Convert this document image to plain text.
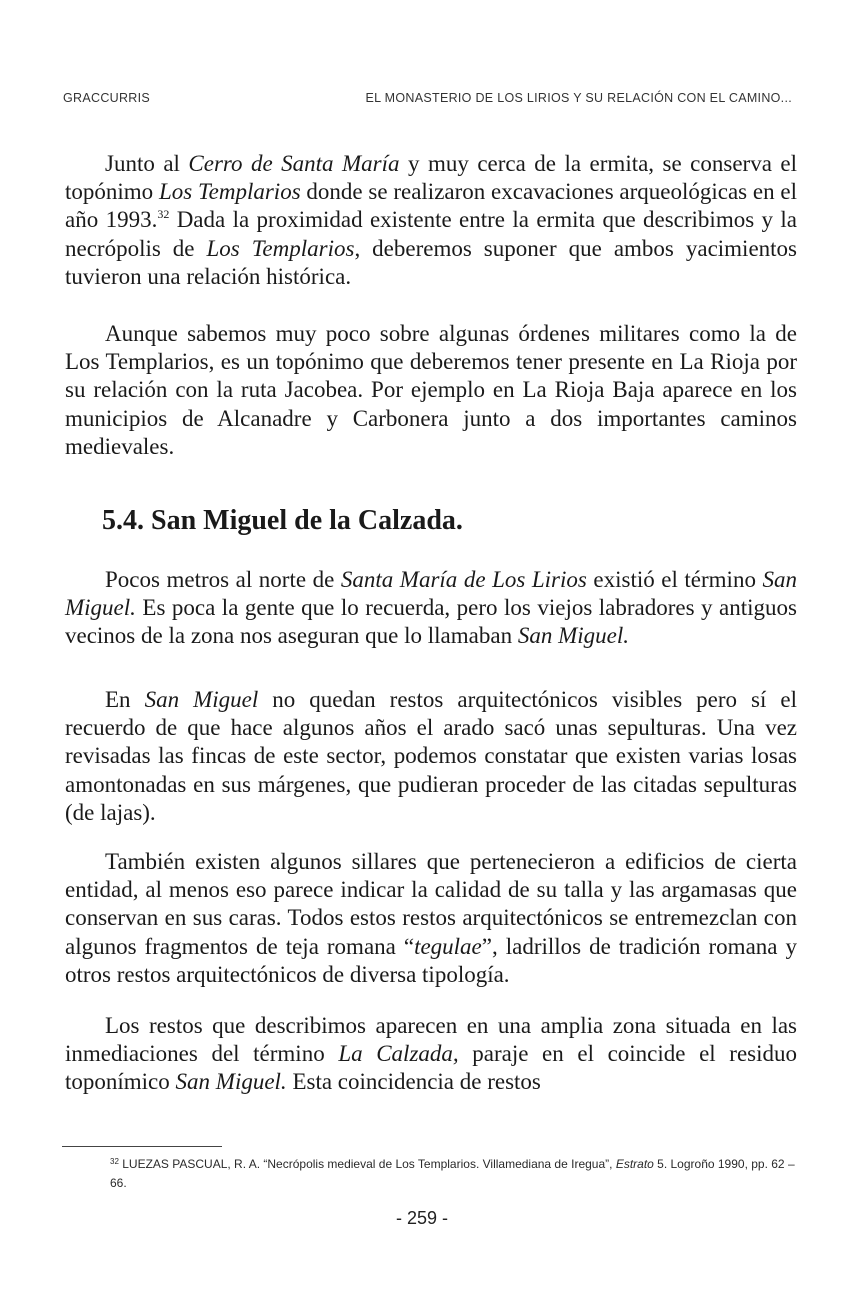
GRACCURRIS	EL MONASTERIO DE LOS LIRIOS Y SU RELACIÓN CON EL CAMINO...

Junto al Cerro de Santa María y muy cerca de la ermita, se conserva el topónimo Los Templarios donde se realizaron excavaciones arqueológicas en el año 1993.32 Dada la proximidad existente entre la ermita que describimos y la necrópolis de Los Templarios, deberemos suponer que ambos yacimientos tuvieron una relación histórica.

Aunque sabemos muy poco sobre algunas órdenes militares como la de Los Templarios, es un topónimo que deberemos tener presente en La Rioja por su relación con la ruta Jacobea. Por ejemplo en La Rioja Baja aparece en los municipios de Alcanadre y Carbonera junto a dos importantes caminos medievales.

5.4. San Miguel de la Calzada.

Pocos metros al norte de Santa María de Los Lirios existió el término San Miguel. Es poca la gente que lo recuerda, pero los viejos labradores y antiguos vecinos de la zona nos aseguran que lo llamaban San Miguel.

En San Miguel no quedan restos arquitectónicos visibles pero sí el recuerdo de que hace algunos años el arado sacó unas sepulturas. Una vez revisadas las fincas de este sector, podemos constatar que existen varias losas amontonadas en sus márgenes, que pudieran proceder de las citadas sepulturas (de lajas).

También existen algunos sillares que pertenecieron a edificios de cierta entidad, al menos eso parece indicar la calidad de su talla y las argamasas que conservan en sus caras. Todos estos restos arquitectónicos se entremezclan con algunos fragmentos de teja romana “tegulae”, ladrillos de tradición romana y otros restos arquitectónicos de diversa tipología.

Los restos que describimos aparecen en una amplia zona situada en las inmediaciones del término La Calzada, paraje en el coincide el residuo toponímico San Miguel. Esta coincidencia de restos

$^{32}$ LUEZAS PASCUAL, R. A. “Necrópolis medieval de Los Templarios. Villamediana de Iregua”, Estrato 5. Logroño 1990, pp. 62 – 66.

- 259 -
